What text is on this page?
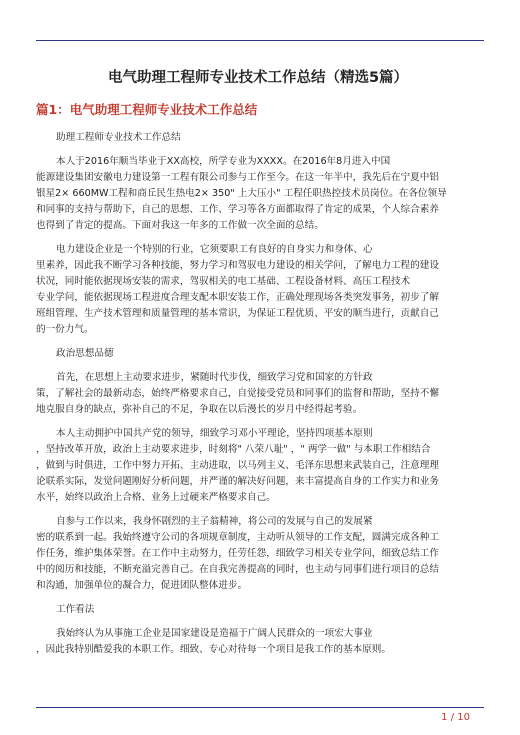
电气助理工程师专业技术工作总结（精选5篇）
篇1：电气助理工程师专业技术工作总结
助理工程师专业技术工作总结
本人于2016年顺当毕业于XX高校，所学专业为XXXX。在2016年8月进入中国
能源建设集团安徽电力建设第一工程有限公司参与工作至今。在这一年半中，我先后在宁夏中铝
银星2× 660MW工程和商丘民生热电2× 350" 上大压小" 工程任职热控技术员岗位。在各位领导
和同事的支持与帮助下，自己的思想、工作、学习等各方面都取得了肯定的成果，个人综合素养
也得到了肯定的提高。下面对我这一年多的工作做一次全面的总结。
电力建设企业是一个特别的行业，它须要职工有良好的自身实力和身体、心
里素养，因此我不断学习各种技能，努力学习和驾驭电力建设的相关学问，了解电力工程的建设
状况，同时能依据现场安装的需求，驾驭相关的电工基础、工程设备材料、高压工程技术
专业学问，能依据现场工程进度合理支配本职安装工作，正确处理现场各类突发事务，初步了解
班组管理、生产技术管理和质量管理的基本常识，为保证工程优质、平安的顺当进行，贡献自己
的一份力气。
政治思想品德
首先，在思想上主动要求进步，紧随时代步伐，细致学习党和国家的方针政
策，了解社会的最新动态，始终严格要求自己，自觉接受党员和同事们的监督和帮助，坚持不懈
地克服自身的缺点，弥补自己的不足，争取在以后漫长的岁月中经得起考验。
本人主动拥护中国共产党的领导，细致学习邓小平理论，坚持四项基本原则
，坚持改革开放，政治上主动要求进步，时刻将" 八荣八耻" ，" 两学一做" 与本职工作相结合
，做到与时俱进，工作中努力开拓、主动进取，以马列主义、毛泽东思想来武装自己，注意理理
论联系实际，发觉问题刚好分析问题，并严谨的解决好问题，来丰富提高自身的工作实力和业务
水平，始终以政治上合格、业务上过硬来严格要求自己。
自参与工作以来，我身怀剧烈的主子翁精神，将公司的发展与自己的发展紧
密的联系到一起。我始终遵守公司的各项规章制度，主动听从领导的工作支配，圆满完成各种工
作任务，维护集体荣誉。在工作中主动努力，任劳任怨，细致学习相关专业学问，细致总结工作
中的阅历和技能，不断充溢完善自己。在自我完善提高的同时，也主动与同事们进行项目的总结
和沟通，加强单位的凝合力，促进团队整体进步。
工作看法
我始终认为从事施工企业是国家建设是造福于广阔人民群众的一项宏大事业
，因此我特别酷爱我的本职工作。细致、专心对待每一个项目是我工作的基本原则。
1 / 10
